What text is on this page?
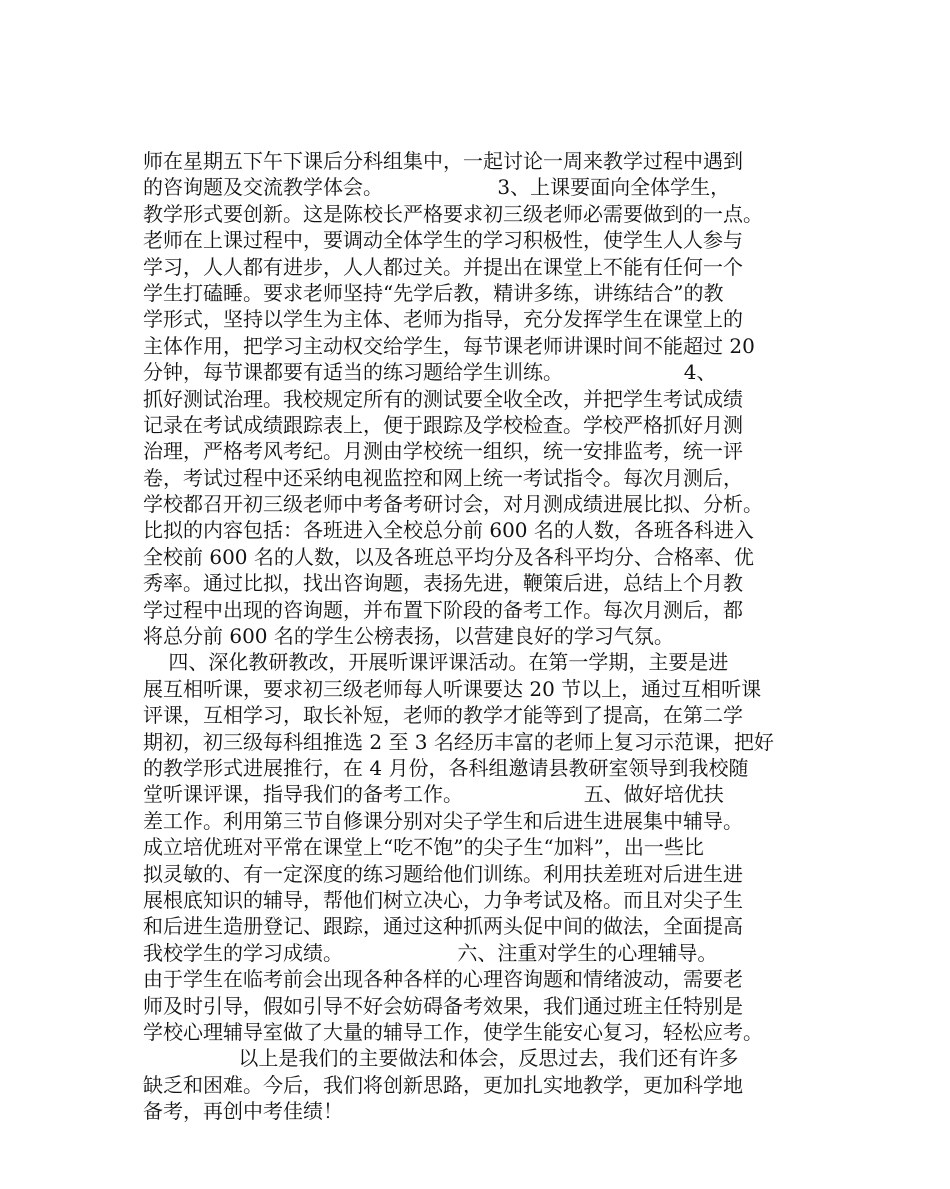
师在星期五下午下课后分科组集中，一起讨论一周来教学过程中遇到
的咨询题及交流教学体会。                  3、上课要面向全体学生，
教学形式要创新。这是陈校长严格要求初三级老师必需要做到的一点。
老师在上课过程中，要调动全体学生的学习积极性，使学生人人参与
学习，人人都有进步，人人都过关。并提出在课堂上不能有任何一个
学生打磕睡。要求老师坚持“先学后教，精讲多练，讲练结合”的教
学形式，坚持以学生为主体、老师为指导，充分发挥学生在课堂上的
主体作用，把学习主动权交给学生，每节课老师讲课时间不能超过 20
分钟，每节课都要有适当的练习题给学生训练。                   4、
抓好测试治理。我校规定所有的测试要全收全改，并把学生考试成绩
记录在考试成绩跟踪表上，便于跟踪及学校检查。学校严格抓好月测
治理，严格考风考纪。月测由学校统一组织，统一安排监考，统一评
卷，考试过程中还采纳电视监控和网上统一考试指令。每次月测后，
学校都召开初三级老师中考备考研讨会，对月测成绩进展比拟、分析。
比拟的内容包括：各班进入全校总分前 600 名的人数，各班各科进入
全校前 600 名的人数，以及各班总平均分及各科平均分、合格率、优
秀率。通过比拟，找出咨询题，表扬先进，鞭策后进，总结上个月教
学过程中出现的咨询题，并布置下阶段的备考工作。每次月测后，都
将总分前 600 名的学生公榜表扬，以营建良好的学习气氛。
四、深化教研教改，开展听课评课活动。在第一学期，主要是进
展互相听课，要求初三级老师每人听课要达 20 节以上，通过互相听课
评课，互相学习，取长补短，老师的教学才能等到了提高，在第二学
期初，初三级每科组推选 2 至 3 名经历丰富的老师上复习示范课，把好
的教学形式进展推行，在 4 月份，各科组邀请县教研室领导到我校随
堂听课评课，指导我们的备考工作。                   五、做好培优扶
差工作。利用第三节自修课分别对尖子学生和后进生进展集中辅导。
成立培优班对平常在课堂上“吃不饱”的尖子生“加料”，出一些比
拟灵敏的、有一定深度的练习题给他们训练。利用扶差班对后进生进
展根底知识的辅导，帮他们树立决心，力争考试及格。而且对尖子生
和后进生造册登记、跟踪，通过这种抓两头促中间的做法，全面提高
我校学生的学习成绩。                  六、注重对学生的心理辅导。
由于学生在临考前会出现各种各样的心理咨询题和情绪波动，需要老
师及时引导，假如引导不好会妨碍备考效果，我们通过班主任特别是
学校心理辅导室做了大量的辅导工作，使学生能安心复习，轻松应考。
以上是我们的主要做法和体会，反思过去，我们还有许多
缺乏和困难。今后，我们将创新思路，更加扎实地教学，更加科学地
备考，再创中考佳绩！
